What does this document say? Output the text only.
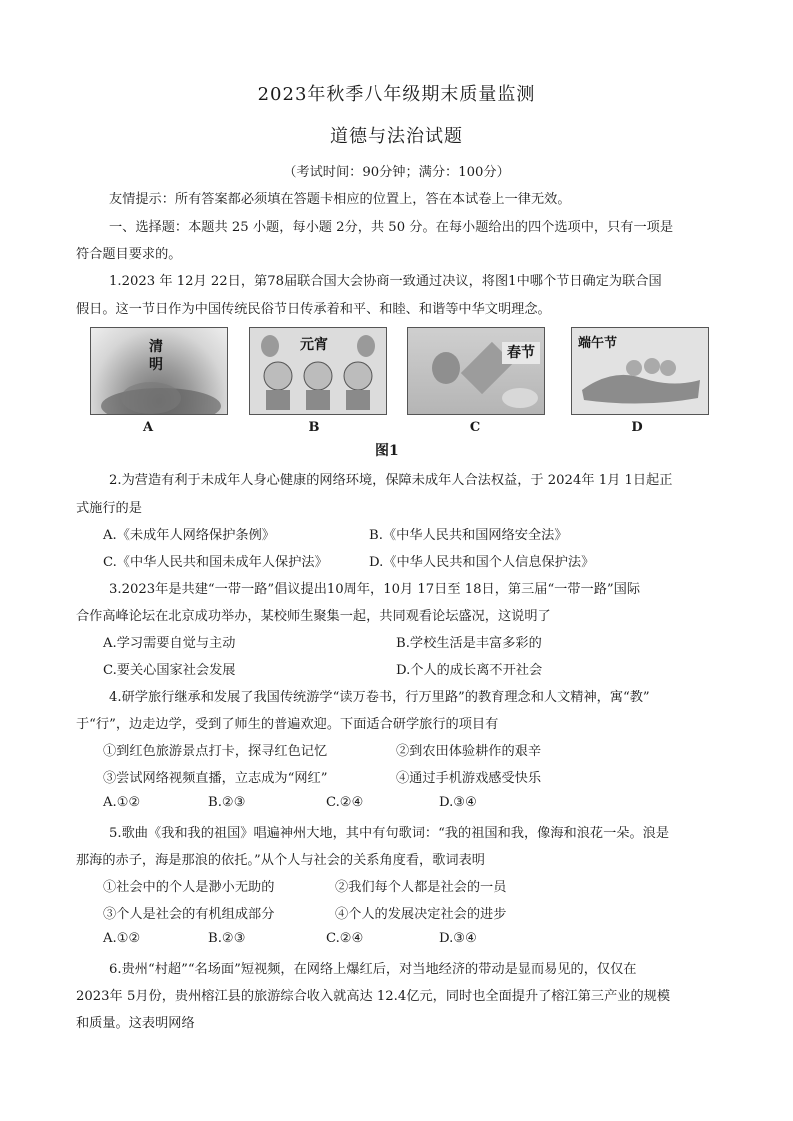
2023年秋季八年级期末质量监测
道德与法治试题
（考试时间：90分钟；满分：100分）
友情提示：所有答案都必须填在答题卡相应的位置上，答在本试卷上一律无效。
一、选择题：本题共 25 小题，每小题 2分，共 50 分。在每小题给出的四个选项中，只有一项是
符合题目要求的。
1.2023 年 12月 22日，第78届联合国大会协商一致通过决议，将图1中哪个节日确定为联合国
假日。这一节日作为中国传统民俗节日传承着和平、和睦、和谐等中华文明理念。
清明
元宵	春节
端午节
A	B	C	D
图1
2.为营造有利于未成年人身心健康的网络环境，保障未成年人合法权益，于 2024年 1月 1日起正
式施行的是
A.《未成年人网络保护条例》	B.《中华人民共和国网络安全法》
C.《中华人民共和国未成年人保护法》	D.《中华人民共和国个人信息保护法》
3.2023年是共建“一带一路”倡议提出10周年，10月 17日至 18日，第三届“一带一路”国际
合作高峰论坛在北京成功举办，某校师生聚集一起，共同观看论坛盛况，这说明了
A.学习需要自觉与主动	B.学校生活是丰富多彩的
C.要关心国家社会发展	D.个人的成长离不开社会
4.研学旅行继承和发展了我国传统游学“读万卷书，行万里路”的教育理念和人文精神，寓“教”
于“行”，边走边学，受到了师生的普遍欢迎。下面适合研学旅行的项目有
①到红色旅游景点打卡，探寻红色记忆	②到农田体验耕作的艰辛
③尝试网络视频直播，立志成为“网红”	④通过手机游戏感受快乐
A.①②	B.②③	C.②④	D.③④
5.歌曲《我和我的祖国》唱遍神州大地，其中有句歌词：“我的祖国和我，像海和浪花一朵。浪是
那海的赤子，海是那浪的依托。”从个人与社会的关系角度看，歌词表明
①社会中的个人是渺小无助的	②我们每个人都是社会的一员
③个人是社会的有机组成部分	④个人的发展决定社会的进步
A.①②	B.②③	C.②④	D.③④
6.贵州“村超”“名场面”短视频，在网络上爆红后，对当地经济的带动是显而易见的，仅仅在
2023年 5月份，贵州榕江县的旅游综合收入就高达 12.4亿元，同时也全面提升了榕江第三产业的规模
和质量。这表明网络
